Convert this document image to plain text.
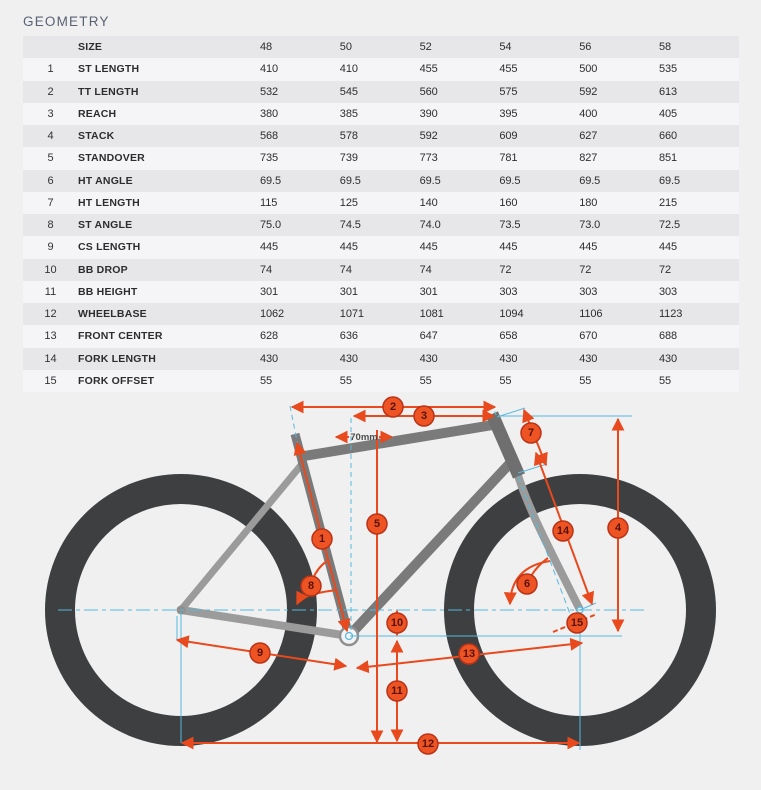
GEOMETRY
SIZE	48	50	52	54	56	58
1	ST LENGTH	410	410	455	455	500	535
2	TT LENGTH	532	545	560	575	592	613
3	REACH	380	385	390	395	400	405
4	STACK	568	578	592	609	627	660
5	STANDOVER	735	739	773	781	827	851
6	HT ANGLE	69.5	69.5	69.5	69.5	69.5	69.5
7	HT LENGTH	115	125	140	160	180	215
8	ST ANGLE	75.0	74.5	74.0	73.5	73.0	72.5
9	CS LENGTH	445	445	445	445	445	445
10	BB DROP	74	74	74	72	72	72
11	BB HEIGHT	301	301	301	303	303	303
12	WHEELBASE	1062	1071	1081	1094	1106	1123
13	FRONT CENTER	628	636	647	658	670	688
14	FORK LENGTH	430	430	430	430	430	430
15	FORK OFFSET	55	55	55	55	55	55
70mm
1
2
3
4
5
6
7
8
9
10
11
12
13
14
15
